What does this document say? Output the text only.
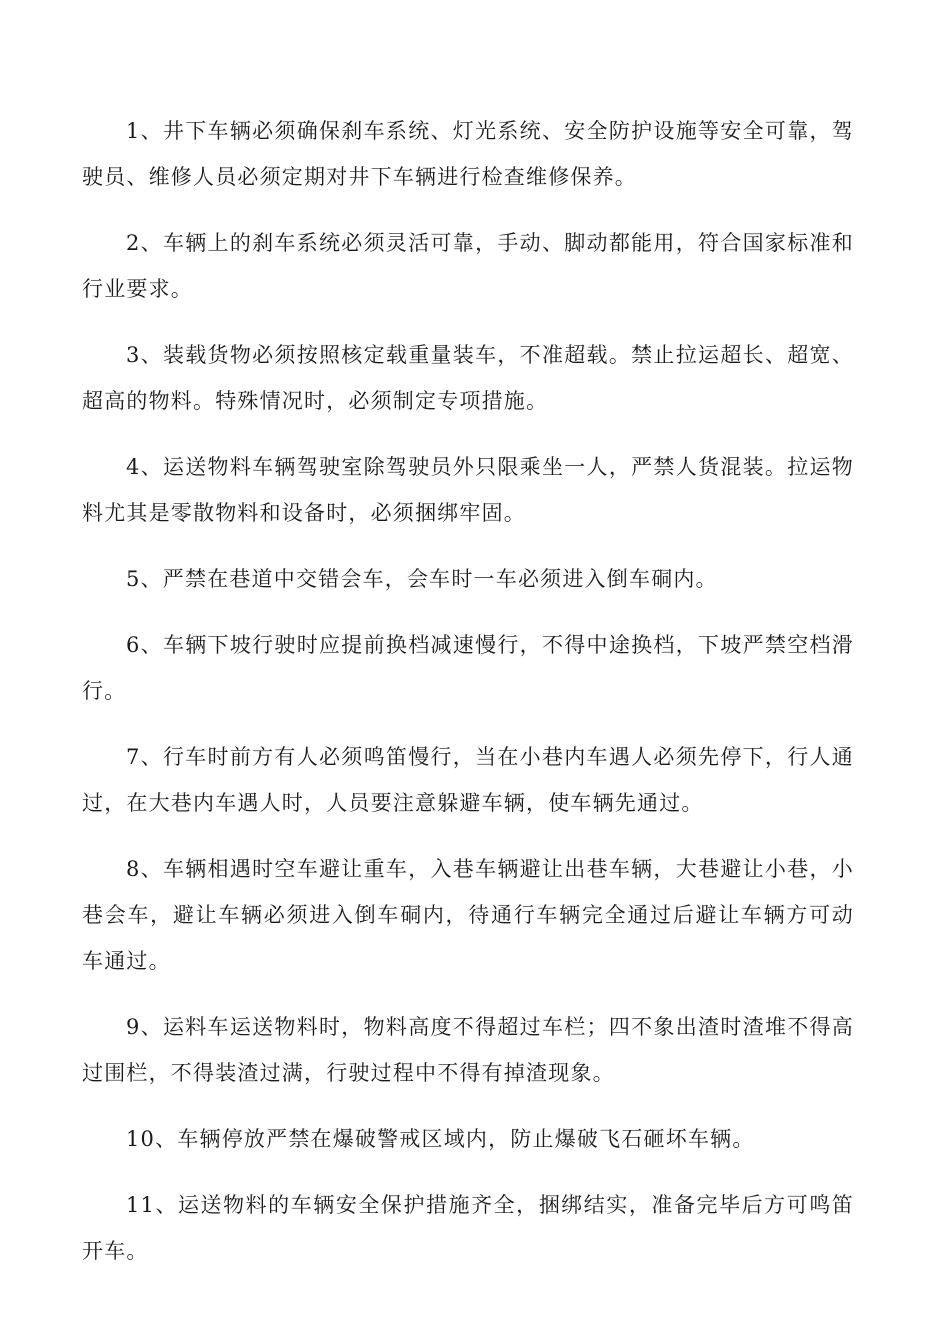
1、井下车辆必须确保刹车系统、灯光系统、安全防护设施等安全可靠，驾驶员、维修人员必须定期对井下车辆进行检查维修保养。

2、车辆上的刹车系统必须灵活可靠，手动、脚动都能用，符合国家标准和行业要求。

3、装载货物必须按照核定载重量装车，不准超载。禁止拉运超长、超宽、超高的物料。特殊情况时，必须制定专项措施。

4、运送物料车辆驾驶室除驾驶员外只限乘坐一人，严禁人货混装。拉运物料尤其是零散物料和设备时，必须捆绑牢固。

5、严禁在巷道中交错会车，会车时一车必须进入倒车硐内。

6、车辆下坡行驶时应提前换档减速慢行，不得中途换档，下坡严禁空档滑行。

7、行车时前方有人必须鸣笛慢行，当在小巷内车遇人必须先停下，行人通过，在大巷内车遇人时，人员要注意躲避车辆，使车辆先通过。

8、车辆相遇时空车避让重车，入巷车辆避让出巷车辆，大巷避让小巷，小巷会车，避让车辆必须进入倒车硐内，待通行车辆完全通过后避让车辆方可动车通过。

9、运料车运送物料时，物料高度不得超过车栏；四不象出渣时渣堆不得高过围栏，不得装渣过满，行驶过程中不得有掉渣现象。

10、车辆停放严禁在爆破警戒区域内，防止爆破飞石砸坏车辆。

11、运送物料的车辆安全保护措施齐全，捆绑结实，准备完毕后方可鸣笛开车。
